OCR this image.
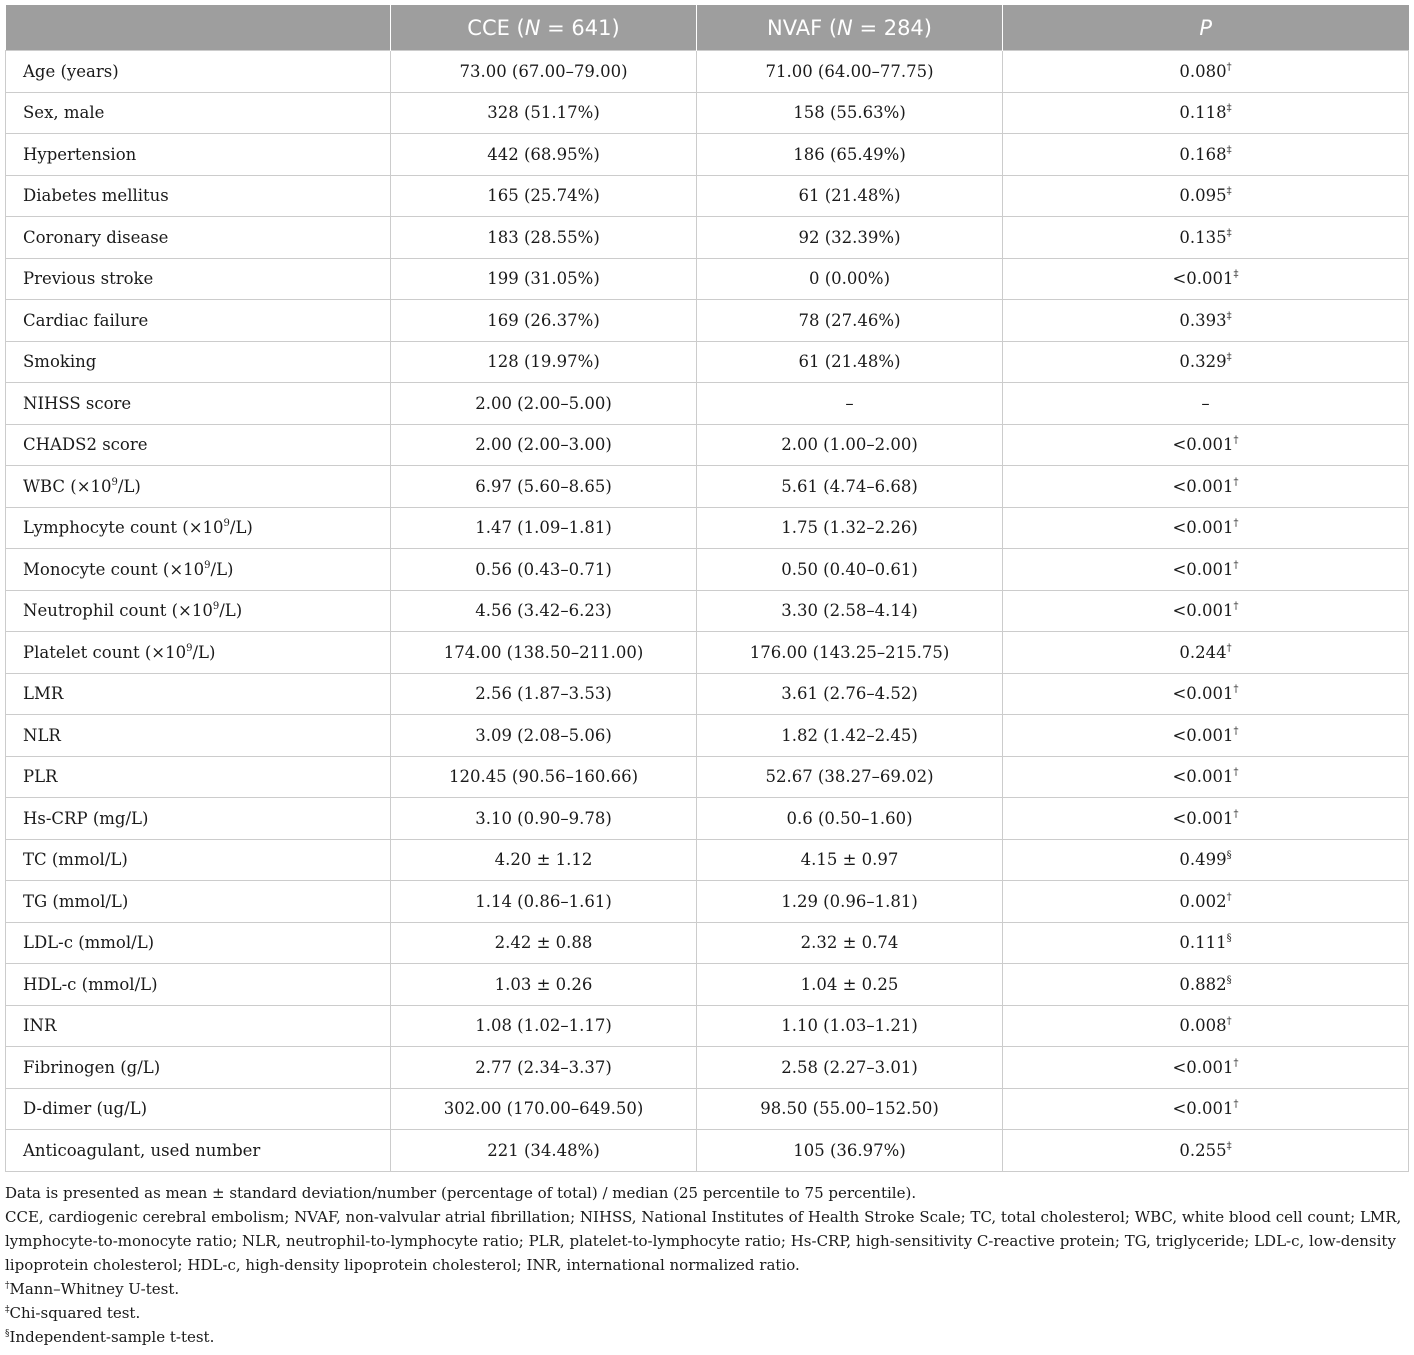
	CCE (N = 641)	NVAF (N = 284)	P
Age (years)	73.00 (67.00–79.00)	71.00 (64.00–77.75)	0.080†
Sex, male	328 (51.17%)	158 (55.63%)	0.118‡
Hypertension	442 (68.95%)	186 (65.49%)	0.168‡
Diabetes mellitus	165 (25.74%)	61 (21.48%)	0.095‡
Coronary disease	183 (28.55%)	92 (32.39%)	0.135‡
Previous stroke	199 (31.05%)	0 (0.00%)	<0.001‡
Cardiac failure	169 (26.37%)	78 (27.46%)	0.393‡
Smoking	128 (19.97%)	61 (21.48%)	0.329‡
NIHSS score	2.00 (2.00–5.00)	–	–
CHADS2 score	2.00 (2.00–3.00)	2.00 (1.00–2.00)	<0.001†
WBC $(\times 10^9/L)$	6.97 (5.60–8.65)	5.61 (4.74–6.68)	<0.001†
Lymphocyte count $(\times 10^9/L)$	1.47 (1.09–1.81)	1.75 (1.32–2.26)	<0.001†
Monocyte count $(\times 10^9/L)$	0.56 (0.43–0.71)	0.50 (0.40–0.61)	<0.001†
Neutrophil count $(\times 10^9/L)$	4.56 (3.42–6.23)	3.30 (2.58–4.14)	<0.001†
Platelet count $(\times 10^9/L)$	174.00 (138.50–211.00)	176.00 (143.25–215.75)	0.244†
LMR	2.56 (1.87–3.53)	3.61 (2.76–4.52)	<0.001†
NLR	3.09 (2.08–5.06)	1.82 (1.42–2.45)	<0.001†
PLR	120.45 (90.56–160.66)	52.67 (38.27–69.02)	<0.001†
Hs-CRP (mg/L)	3.10 (0.90–9.78)	0.6 (0.50–1.60)	<0.001†
TC (mmol/L)	4.20 ± 1.12	4.15 ± 0.97	0.499§
TG (mmol/L)	1.14 (0.86–1.61)	1.29 (0.96–1.81)	0.002†
LDL-c (mmol/L)	2.42 ± 0.88	2.32 ± 0.74	0.111§
HDL-c (mmol/L)	1.03 ± 0.26	1.04 ± 0.25	0.882§
INR	1.08 (1.02–1.17)	1.10 (1.03–1.21)	0.008†
Fibrinogen (g/L)	2.77 (2.34–3.37)	2.58 (2.27–3.01)	<0.001†
D-dimer (ug/L)	302.00 (170.00–649.50)	98.50 (55.00–152.50)	<0.001†
Anticoagulant, used number	221 (34.48%)	105 (36.97%)	0.255‡

Data is presented as mean ± standard deviation/number (percentage of total) / median (25 percentile to 75 percentile).

CCE, cardiogenic cerebral embolism; NVAF, non-valvular atrial fibrillation; NIHSS, National Institutes of Health Stroke Scale; TC, total cholesterol; WBC, white blood cell count; LMR, lymphocyte-to-monocyte ratio; NLR, neutrophil-to-lymphocyte ratio; PLR, platelet-to-lymphocyte ratio; Hs-CRP, high-sensitivity C-reactive protein; TG, triglyceride; LDL-c, low-density lipoprotein cholesterol; HDL-c, high-density lipoprotein cholesterol; INR, international normalized ratio.

†Mann–Whitney U-test.

‡Chi-squared test.

§Independent-sample t-test.
